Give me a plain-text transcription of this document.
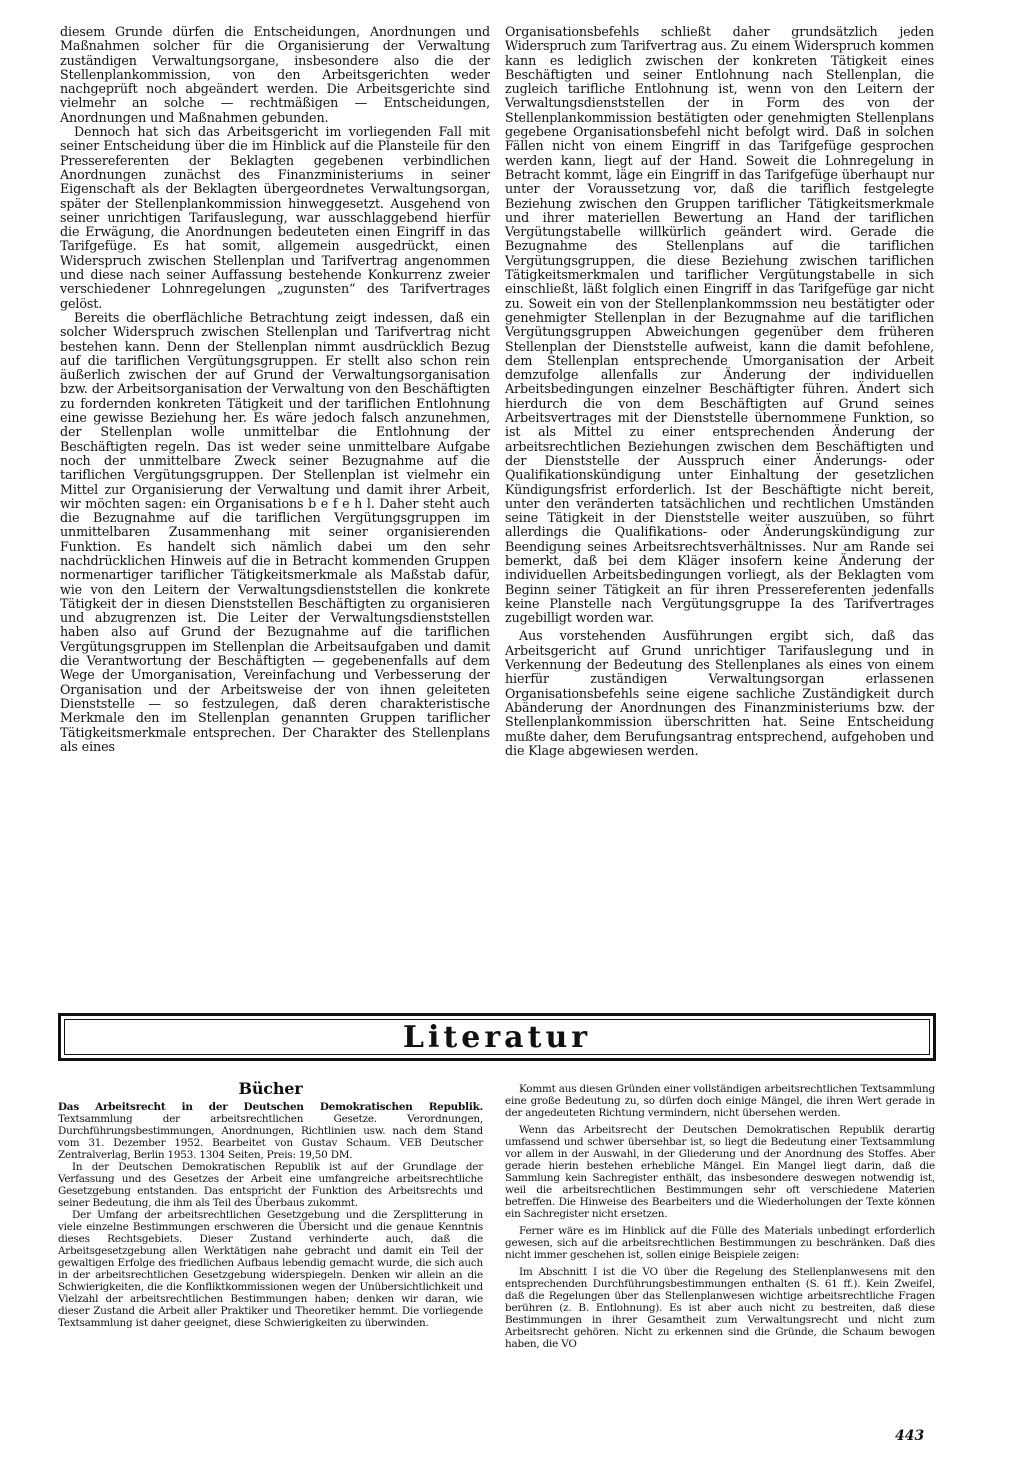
diesem Grunde dürfen die Entscheidungen, Anordnungen und Maßnahmen solcher für die Organisierung der Verwaltung zuständigen Verwaltungsorgane, insbesondere also die der Stellenplankommission, von den Arbeitsgerichten weder nachgeprüft noch abgeändert werden. Die Arbeitsgerichte sind vielmehr an solche — rechtmäßigen — Entscheidungen, Anordnungen und Maßnahmen gebunden.

Dennoch hat sich das Arbeitsgericht im vorliegenden Fall mit seiner Entscheidung über die im Hinblick auf die Plansteile für den Pressereferenten der Beklagten gegebenen verbindlichen Anordnungen zunächst des Finanzministeriums in seiner Eigenschaft als der Beklagten übergeordnetes Verwaltungsorgan, später der Stellenplankommission hinweggesetzt. Ausgehend von seiner unrichtigen Tarifauslegung, war ausschlaggebend hierfür die Erwägung, die Anordnungen bedeuteten einen Eingriff in das Tarifgefüge. Es hat somit, allgemein ausgedrückt, einen Widerspruch zwischen Stellenplan und Tarifvertrag angenommen und diese nach seiner Auffassung bestehende Konkurrenz zweier verschiedener Lohnregelungen „zugunsten“ des Tarifvertrages gelöst.

Bereits die oberflächliche Betrachtung zeigt indessen, daß ein solcher Widerspruch zwischen Stellenplan und Tarifvertrag nicht bestehen kann. Denn der Stellenplan nimmt ausdrücklich Bezug auf die tariflichen Vergütungsgruppen. Er stellt also schon rein äußerlich zwischen der auf Grund der Verwaltungsorganisation bzw. der Arbeitsorganisation der Verwaltung von den Beschäftigten zu fordernden konkreten Tätigkeit und der tariflichen Entlohnung eine gewisse Beziehung her. Es wäre jedoch falsch anzunehmen, der Stellenplan wolle unmittelbar die Entlohnung der Beschäftigten regeln. Das ist weder seine unmittelbare Aufgabe noch der unmittelbare Zweck seiner Bezugnahme auf die tariflichen Vergütungsgruppen. Der Stellenplan ist vielmehr ein Mittel zur Organisierung der Verwaltung und damit ihrer Arbeit, wir möchten sagen: ein Organisations b e f e h l. Daher steht auch die Bezugnahme auf die tariflichen Vergütungsgruppen im unmittelbaren Zusammenhang mit seiner organisierenden Funktion. Es handelt sich nämlich dabei um den sehr nachdrücklichen Hinweis auf die in Betracht kommenden Gruppen normenartiger tariflicher Tätigkeitsmerkmale als Maßstab dafür, wie von den Leitern der Verwaltungsdienststellen die konkrete Tätigkeit der in diesen Dienststellen Beschäftigten zu organisieren und abzugrenzen ist. Die Leiter der Verwaltungsdienststellen haben also auf Grund der Bezugnahme auf die tariflichen Vergütungsgruppen im Stellenplan die Arbeitsaufgaben und damit die Verantwortung der Beschäftigten — gegebenenfalls auf dem Wege der Umorganisation, Vereinfachung und Verbesserung der Organisation und der Arbeitsweise der von ihnen geleiteten Dienststelle — so festzulegen, daß deren charakteristische Merkmale den im Stellenplan genannten Gruppen tariflicher Tätigkeitsmerkmale entsprechen. Der Charakter des Stellenplans als eines

Organisationsbefehls schließt daher grundsätzlich jeden Widerspruch zum Tarifvertrag aus. Zu einem Widerspruch kommen kann es lediglich zwischen der konkreten Tätigkeit eines Beschäftigten und seiner Entlohnung nach Stellenplan, die zugleich tarifliche Entlohnung ist, wenn von den Leitern der Verwaltungsdienststellen der in Form des von der Stellenplankommission bestätigten oder genehmigten Stellenplans gegebene Organisationsbefehl nicht befolgt wird. Daß in solchen Fällen nicht von einem Eingriff in das Tarifgefüge gesprochen werden kann, liegt auf der Hand. Soweit die Lohnregelung in Betracht kommt, läge ein Eingriff in das Tarifgefüge überhaupt nur unter der Voraussetzung vor, daß die tariflich festgelegte Beziehung zwischen den Gruppen tariflicher Tätigkeitsmerkmale und ihrer materiellen Bewertung an Hand der tariflichen Vergütungstabelle willkürlich geändert wird. Gerade die Bezugnahme des Stellenplans auf die tariflichen Vergütungsgruppen, die diese Beziehung zwischen tariflichen Tätigkeitsmerkmalen und tariflicher Vergütungstabelle in sich einschließt, läßt folglich einen Eingriff in das Tarifgefüge gar nicht zu. Soweit ein von der Stellenplankommssion neu bestätigter oder genehmigter Stellenplan in der Bezugnahme auf die tariflichen Vergütungsgruppen Abweichungen gegenüber dem früheren Stellenplan der Dienststelle aufweist, kann die damit befohlene, dem Stellenplan entsprechende Umorganisation der Arbeit demzufolge allenfalls zur Änderung der individuellen Arbeitsbedingungen einzelner Beschäftigter führen. Ändert sich hierdurch die von dem Beschäftigten auf Grund seines Arbeitsvertrages mit der Dienststelle übernommene Funktion, so ist als Mittel zu einer entsprechenden Änderung der arbeitsrechtlichen Beziehungen zwischen dem Beschäftigten und der Dienststelle der Ausspruch einer Änderungs- oder Qualifikationskündigung unter Einhaltung der gesetzlichen Kündigungsfrist erforderlich. Ist der Beschäftigte nicht bereit, unter den veränderten tatsächlichen und rechtlichen Umständen seine Tätigkeit in der Dienststelle weiter auszuüben, so führt allerdings die Qualifikations- oder Änderungskündigung zur Beendigung seines Arbeitsrechtsverhältnisses. Nur am Rande sei bemerkt, daß bei dem Kläger insofern keine Änderung der individuellen Arbeitsbedingungen vorliegt, als der Beklagten vom Beginn seiner Tätigkeit an für ihren Pressereferenten jedenfalls keine Planstelle nach Vergütungsgruppe Ia des Tarifvertrages zugebilligt worden war.

Aus vorstehenden Ausführungen ergibt sich, daß das Arbeitsgericht auf Grund unrichtiger Tarifauslegung und in Verkennung der Bedeutung des Stellenplanes als eines von einem hierfür zuständigen Verwaltungsorgan erlassenen Organisationsbefehls seine eigene sachliche Zuständigkeit durch Abänderung der Anordnungen des Finanzministeriums bzw. der Stellenplankommission überschritten hat. Seine Entscheidung mußte daher, dem Berufungsantrag entsprechend, aufgehoben und die Klage abgewiesen werden.

Literatur

Bücher

Das Arbeitsrecht in der Deutschen Demokratischen Republik. Textsammlung der arbeitsrechtlichen Gesetze. Verordnungen, Durchführungsbestimmungen, Anordnungen, Richtlinien usw. nach dem Stand vom 31. Dezember 1952. Bearbeitet von Gustav Schaum. VEB Deutscher Zentralverlag, Berlin 1953. 1304 Seiten, Preis: 19,50 DM.

In der Deutschen Demokratischen Republik ist auf der Grundlage der Verfassung und des Gesetzes der Arbeit eine umfangreiche arbeitsrechtliche Gesetzgebung entstanden. Das entspricht der Funktion des Arbeitsrechts und seiner Bedeutung, die ihm als Teil des Überbaus zukommt.

Der Umfang der arbeitsrechtlichen Gesetzgebung und die Zersplitterung in viele einzelne Bestimmungen erschweren die Übersicht und die genaue Kenntnis dieses Rechtsgebiets. Dieser Zustand verhinderte auch, daß die Arbeitsgesetzgebung allen Werktätigen nahe gebracht und damit ein Teil der gewaltigen Erfolge des friedlichen Aufbaus lebendig gemacht wurde, die sich auch in der arbeitsrechtlichen Gesetzgebung widerspiegeln. Denken wir allein an die Schwierigkeiten, die die Konfliktkommissionen wegen der Unübersichtlichkeit und Vielzahl der arbeitsrechtlichen Bestimmungen haben; denken wir daran, wie dieser Zustand die Arbeit aller Praktiker und Theoretiker hemmt. Die vorliegende Textsammlung ist daher geeignet, diese Schwierigkeiten zu überwinden.

Kommt aus diesen Gründen einer vollständigen arbeitsrechtlichen Textsammlung eine große Bedeutung zu, so dürfen doch einige Mängel, die ihren Wert gerade in der angedeuteten Richtung vermindern, nicht übersehen werden.

Wenn das Arbeitsrecht der Deutschen Demokratischen Republik derartig umfassend und schwer übersehbar ist, so liegt die Bedeutung einer Textsammlung vor allem in der Auswahl, in der Gliederung und der Anordnung des Stoffes. Aber gerade hierin bestehen erhebliche Mängel. Ein Mangel liegt darin, daß die Sammlung kein Sachregister enthält, das insbesondere deswegen notwendig ist, weil die arbeitsrechtlichen Bestimmungen sehr oft verschiedene Materien betreffen. Die Hinweise des Bearbeiters und die Wiederholungen der Texte können ein Sachregister nicht ersetzen.

Ferner wäre es im Hinblick auf die Fülle des Materials unbedingt erforderlich gewesen, sich auf die arbeitsrechtlichen Bestimmungen zu beschränken. Daß dies nicht immer geschehen ist, sollen einige Beispiele zeigen:

Im Abschnitt I ist die VO über die Regelung des Stellenplanwesens mit den entsprechenden Durchführungsbestimmungen enthalten (S. 61 ff.). Kein Zweifel, daß die Regelungen über das Stellenplanwesen wichtige arbeitsrechtliche Fragen berühren (z. B. Entlohnung). Es ist aber auch nicht zu bestreiten, daß diese Bestimmungen in ihrer Gesamtheit zum Verwaltungsrecht und nicht zum Arbeitsrecht gehören. Nicht zu erkennen sind die Gründe, die Schaum bewogen haben, die VO

443
